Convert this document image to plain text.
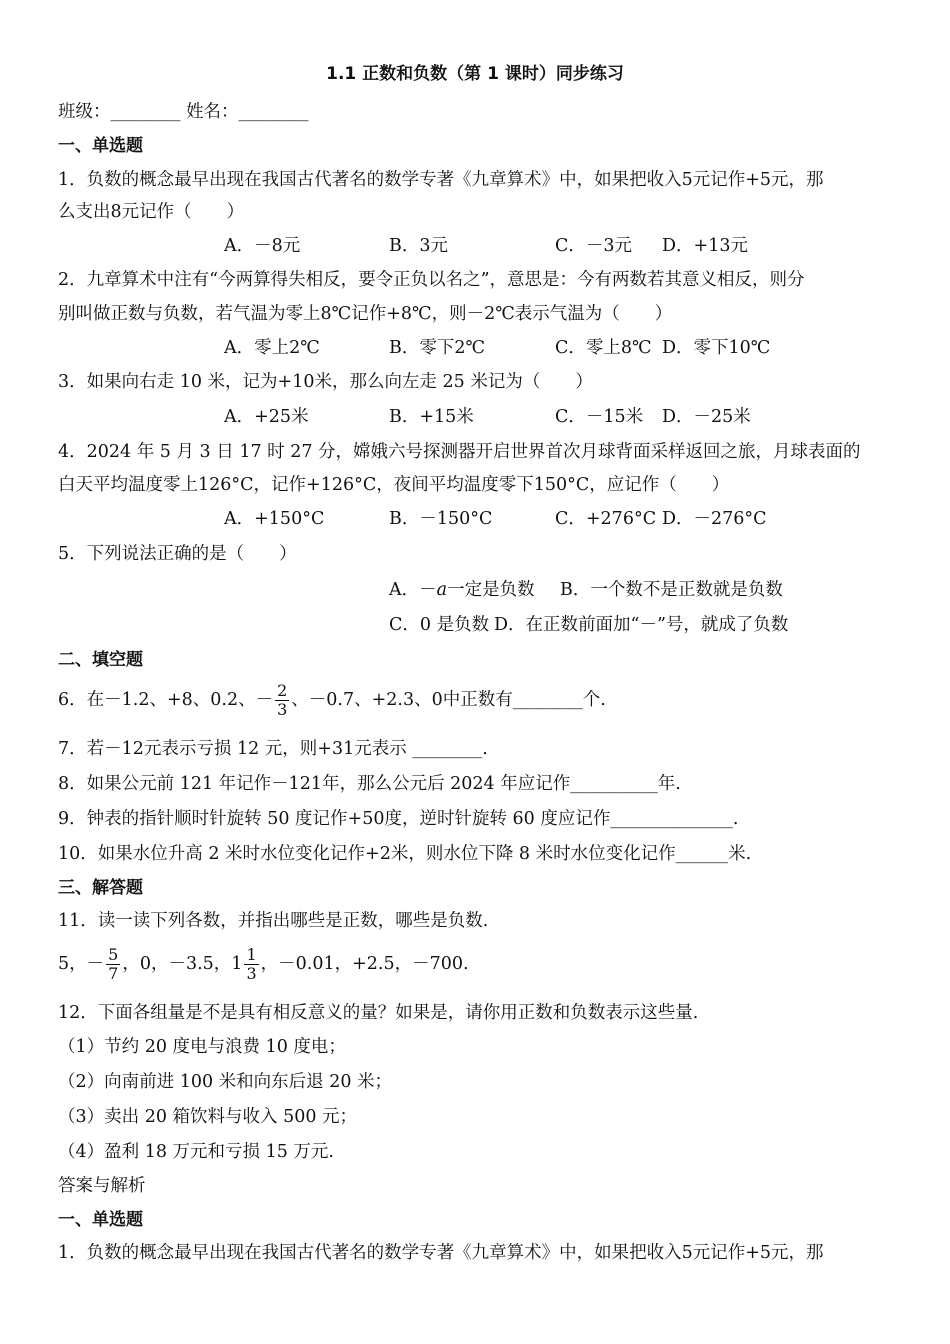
1.1 正数和负数（第 1 课时）同步练习
班级：________ 姓名：________
一、单选题
1．负数的概念最早出现在我国古代著名的数学专著《九章算术》中，如果把收入5元记作+5元，那
么支出8元记作（　　）
A．－8元	B．3元	C．－3元 D．+13元
2．九章算术中注有“今两算得失相反，要令正负以名之”，意思是：今有两数若其意义相反，则分
别叫做正数与负数，若气温为零上8℃记作+8℃，则－2℃表示气温为（　　）
A．零上2℃	B．零下2℃	C．零上8℃ D．零下10℃
3．如果向右走 10 米，记为+10米，那么向左走 25 米记为（　　）
A．+25米	B．+15米	C．－15米 D．－25米
4．2024 年 5 月 3 日 17 时 27 分，嫦娥六号探测器开启世界首次月球背面采样返回之旅，月球表面的
白天平均温度零上126°C，记作+126°C，夜间平均温度零下150°C，应记作（　　）
A．+150°C	B．－150°C	C．+276°C D．－276°C
5．下列说法正确的是（　　）
A．－a一定是负数 B．一个数不是正数就是负数
C．0 是负数 D．在正数前面加“－”号，就成了负数
二、填空题
6．在－1.2、+8、0.2、－ $\frac{2}{3}$ 、－0.7、+2.3、0中正数有________个.
7．若－12元表示亏损 12 元，则+31元表示 ________.
8．如果公元前 121 年记作－121年，那么公元后 2024 年应记作__________年.
9．钟表的指针顺时针旋转 50 度记作+50度，逆时针旋转 60 度应记作______________.
10．如果水位升高 2 米时水位变化记作+2米，则水位下降 8 米时水位变化记作______米.
三、解答题
11．读一读下列各数，并指出哪些是正数，哪些是负数.
5，－ $\frac{5}{7}$ ，0，－3.5，$1 \frac{1}{3}$ ，－0.01，+2.5，－700.
12．下面各组量是不是具有相反意义的量？如果是，请你用正数和负数表示这些量.
（1）节约 20 度电与浪费 10 度电；
（2）向南前进 100 米和向东后退 20 米；
（3）卖出 20 箱饮料与收入 500 元；
（4）盈利 18 万元和亏损 15 万元.
答案与解析
一、单选题
1．负数的概念最早出现在我国古代著名的数学专著《九章算术》中，如果把收入5元记作+5元，那
